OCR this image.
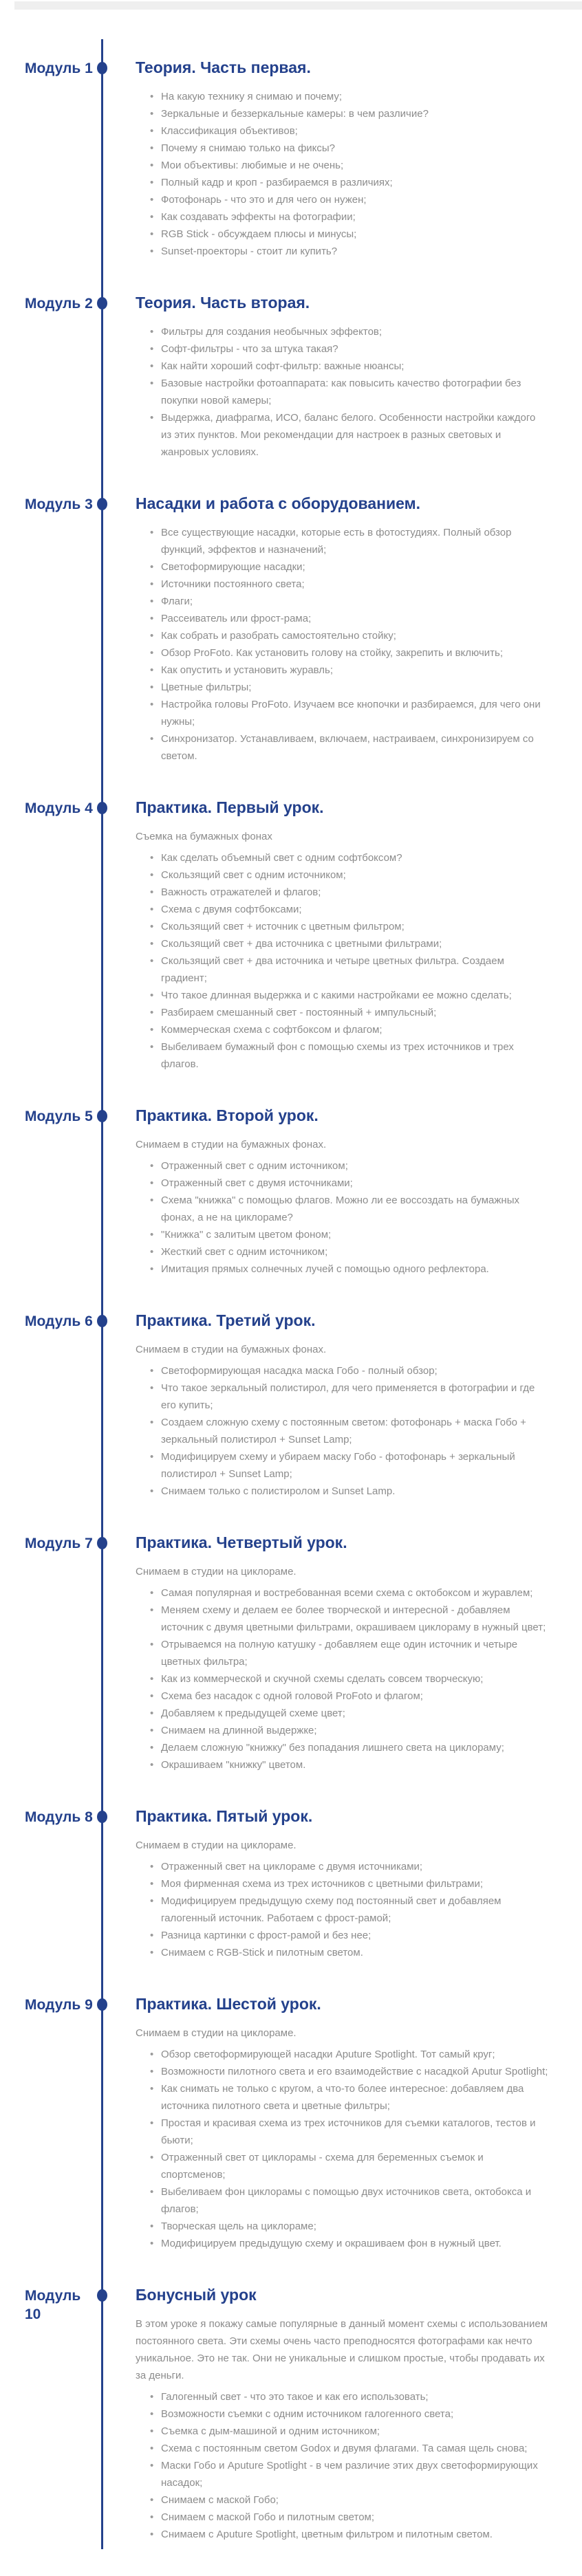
Модуль 1	Теория. Часть первая.
• На какую технику я снимаю и почему;
• Зеркальные и беззеркальные камеры: в чем различие?
• Классификация объективов;
• Почему я снимаю только на фиксы?
• Мои объективы: любимые и не очень;
• Полный кадр и кроп - разбираемся в различиях;
• Фотофонарь - что это и для чего он нужен;
• Как создавать эффекты на фотографии;
• RGB Stick - обсуждаем плюсы и минусы;
• Sunset-проекторы - стоит ли купить?
Модуль 2	Теория. Часть вторая.
• Фильтры для создания необычных эффектов;
• Софт-фильтры - что за штука такая?
• Как найти хороший софт-фильтр: важные нюансы;
• Базовые настройки фотоаппарата: как повысить качество фотографии без покупки новой камеры;
• Выдержка, диафрагма, ИСО, баланс белого. Особенности настройки каждого из этих пунктов. Мои рекомендации для настроек в разных световых и жанровых условиях.
Модуль 3	Насадки и работа с оборудованием.
• Все существующие насадки, которые есть в фотостудиях. Полный обзор функций, эффектов и назначений;
• Светоформирующие насадки;
• Источники постоянного света;
• Флаги;
• Рассеиватель или фрост-рама;
• Как собрать и разобрать самостоятельно стойку;
• Обзор ProFoto. Как установить голову на стойку, закрепить и включить;
• Как опустить и установить журавль;
• Цветные фильтры;
• Настройка головы ProFoto. Изучаем все кнопочки и разбираемся, для чего они нужны;
• Синхронизатор. Устанавливаем, включаем, настраиваем, синхронизируем со светом.
Модуль 4	Практика. Первый урок.

Съемка на бумажных фонах

• Как сделать объемный свет с одним софтбоксом?
• Скользящий свет с одним источником;
• Важность отражателей и флагов;
• Схема с двумя софтбоксами;
• Скользящий свет + источник с цветным фильтром;
• Скользящий свет + два источника с цветными фильтрами;
• Скользящий свет + два источника и четыре цветных фильтра. Создаем градиент;
• Что такое длинная выдержка и с какими настройками ее можно сделать;
• Разбираем смешанный свет - постоянный + импульсный;
• Коммерческая схема с софтбоксом и флагом;
• Выбеливаем бумажный фон с помощью схемы из трех источников и трех флагов.
Модуль 5	Практика. Второй урок.

Снимаем в студии на бумажных фонах.

• Отраженный свет с одним источником;
• Отраженный свет с двумя источниками;
• Схема "книжка" с помощью флагов. Можно ли ее воссоздать на бумажных фонах, а не на циклораме?
• "Книжка" с залитым цветом фоном;
• Жесткий свет с одним источником;
• Имитация прямых солнечных лучей с помощью одного рефлектора.
Модуль 6	Практика. Третий урок.

Снимаем в студии на бумажных фонах.

• Светоформирующая насадка маска Гобо - полный обзор;
• Что такое зеркальный полистирол, для чего применяется в фотографии и где его купить;
• Создаем сложную схему с постоянным светом: фотофонарь + маска Гобо + зеркальный полистирол + Sunset Lamp;
• Модифицируем схему и убираем маску Гобо - фотофонарь + зеркальный полистирол + Sunset Lamp;
• Снимаем только с полистиролом и Sunset Lamp.
Модуль 7	Практика. Четвертый урок.

Снимаем в студии на циклораме.

• Самая популярная и востребованная всеми схема с октобоксом и журавлем;
• Меняем схему и делаем ее более творческой и интересной - добавляем источник с двумя цветными фильтрами, окрашиваем циклораму в нужный цвет;
• Отрываемся на полную катушку - добавляем еще один источник и четыре цветных фильтра;
• Как из коммерческой и скучной схемы сделать совсем творческую;
• Схема без насадок с одной головой ProFoto и флагом;
• Добавляем к предыдущей схеме цвет;
• Снимаем на длинной выдержке;
• Делаем сложную "книжку" без попадания лишнего света на циклораму;
• Окрашиваем "книжку" цветом.
Модуль 8	Практика. Пятый урок.

Снимаем в студии на циклораме.

• Отраженный свет на циклораме с двумя источниками;
• Моя фирменная схема из трех источников с цветными фильтрами;
• Модифицируем предыдущую схему под постоянный свет и добавляем галогенный источник. Работаем с фрост-рамой;
• Разница картинки с фрост-рамой и без нее;
• Снимаем с RGB-Stick и пилотным светом.
Модуль 9	Практика. Шестой урок.

Снимаем в студии на циклораме.

• Обзор светоформирующей насадки Aputure Spotlight. Тот самый круг;
• Возможности пилотного света и его взаимодействие с насадкой Aputur Spotlight;
• Как снимать не только с кругом, а что-то более интересное: добавляем два источника пилотного света и цветные фильтры;
• Простая и красивая схема из трех источников для съемки каталогов, тестов и бьюти;
• Отраженный свет от циклорамы - схема для беременных съемок и спортсменов;
• Выбеливаем фон циклорамы с помощью двух источников света, октобокса и флагов;
• Творческая щель на циклораме;
• Модифицируем предыдущую схему и окрашиваем фон в нужный цвет.
Модуль 10
Бонусный урок

В этом уроке я покажу самые популярные в данный момент схемы с использованием постоянного света. Эти схемы очень часто преподносятся фотографами как нечто уникальное. Это не так. Они не уникальные и слишком простые, чтобы продавать их за деньги.

• Галогенный свет - что это такое и как его использовать;
• Возможности съемки с одним источником галогенного света;
• Съемка с дым-машиной и одним источником;
• Схема с постоянным светом Godox и двумя флагами. Та самая щель снова;
• Маски Гобо и Aputure Spotlight - в чем различие этих двух светоформирующих насадок;
• Снимаем с маской Гобо;
• Снимаем с маской Гобо и пилотным светом;
• Снимаем с Aputure Spotlight, цветным фильтром и пилотным светом.
